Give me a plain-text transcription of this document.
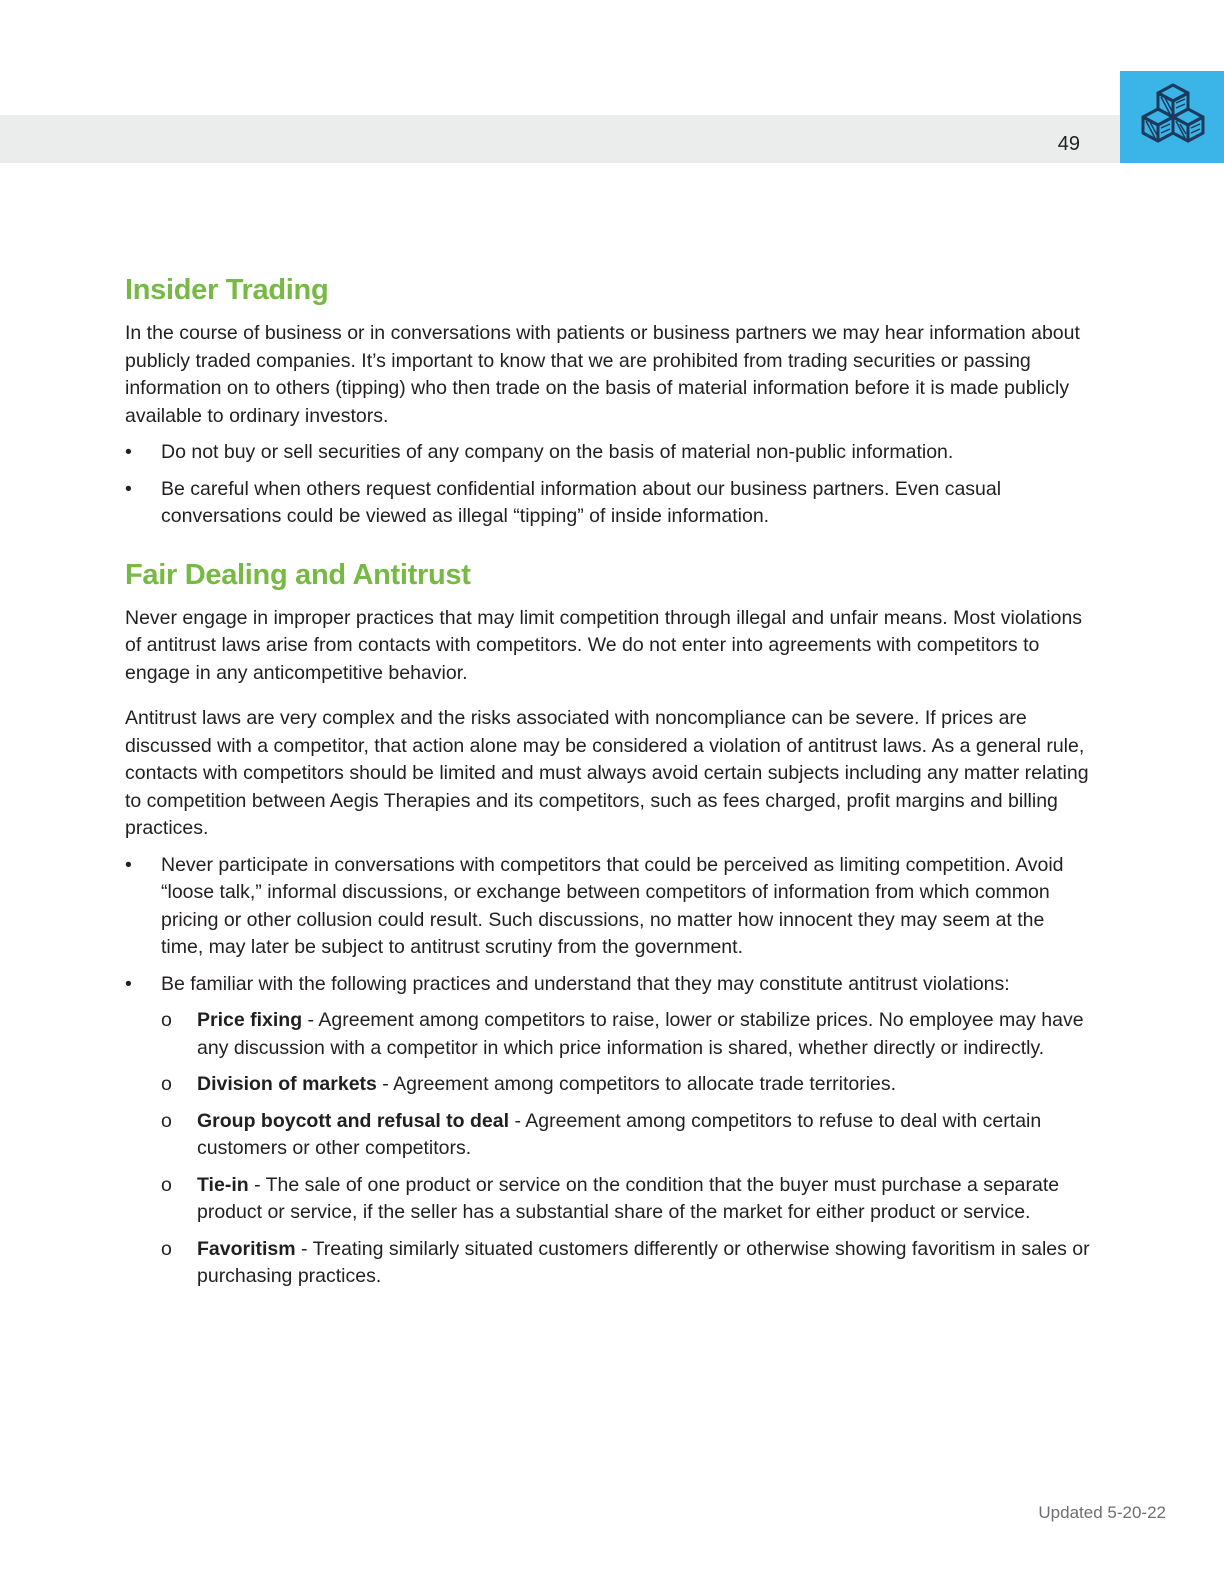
49
Insider Trading

In the course of business or in conversations with patients or business partners we may hear information about publicly traded companies. It’s important to know that we are prohibited from trading securities or passing information on to others (tipping) who then trade on the basis of material information before it is made publicly available to ordinary investors.

•	Do not buy or sell securities of any company on the basis of material non-public information.
•	Be careful when others request confidential information about our business partners. Even casual conversations could be viewed as illegal “tipping” of inside information.
Fair Dealing and Antitrust

Never engage in improper practices that may limit competition through illegal and unfair means. Most violations of antitrust laws arise from contacts with competitors. We do not enter into agreements with competitors to engage in any anticompetitive behavior.

Antitrust laws are very complex and the risks associated with noncompliance can be severe. If prices are discussed with a competitor, that action alone may be considered a violation of antitrust laws. As a general rule, contacts with competitors should be limited and must always avoid certain subjects including any matter relating to competition between Aegis Therapies and its competitors, such as fees charged, profit margins and billing practices.

•	Never participate in conversations with competitors that could be perceived as limiting competition. Avoid “loose talk,” informal discussions, or exchange between competitors of information from which common pricing or other collusion could result. Such discussions, no matter how innocent they may seem at the time, may later be subject to antitrust scrutiny from the government.
•	Be familiar with the following practices and understand that they may constitute antitrust violations:
o	Price fixing - Agreement among competitors to raise, lower or stabilize prices. No employee may have any discussion with a competitor in which price information is shared, whether directly or indirectly.
o	Division of markets - Agreement among competitors to allocate trade territories.
o	Group boycott and refusal to deal - Agreement among competitors to refuse to deal with certain customers or other competitors.
o	Tie-in - The sale of one product or service on the condition that the buyer must purchase a separate product or service, if the seller has a substantial share of the market for either product or service.
o	Favoritism - Treating similarly situated customers differently or otherwise showing favoritism in sales or purchasing practices.
Updated 5-20-22
